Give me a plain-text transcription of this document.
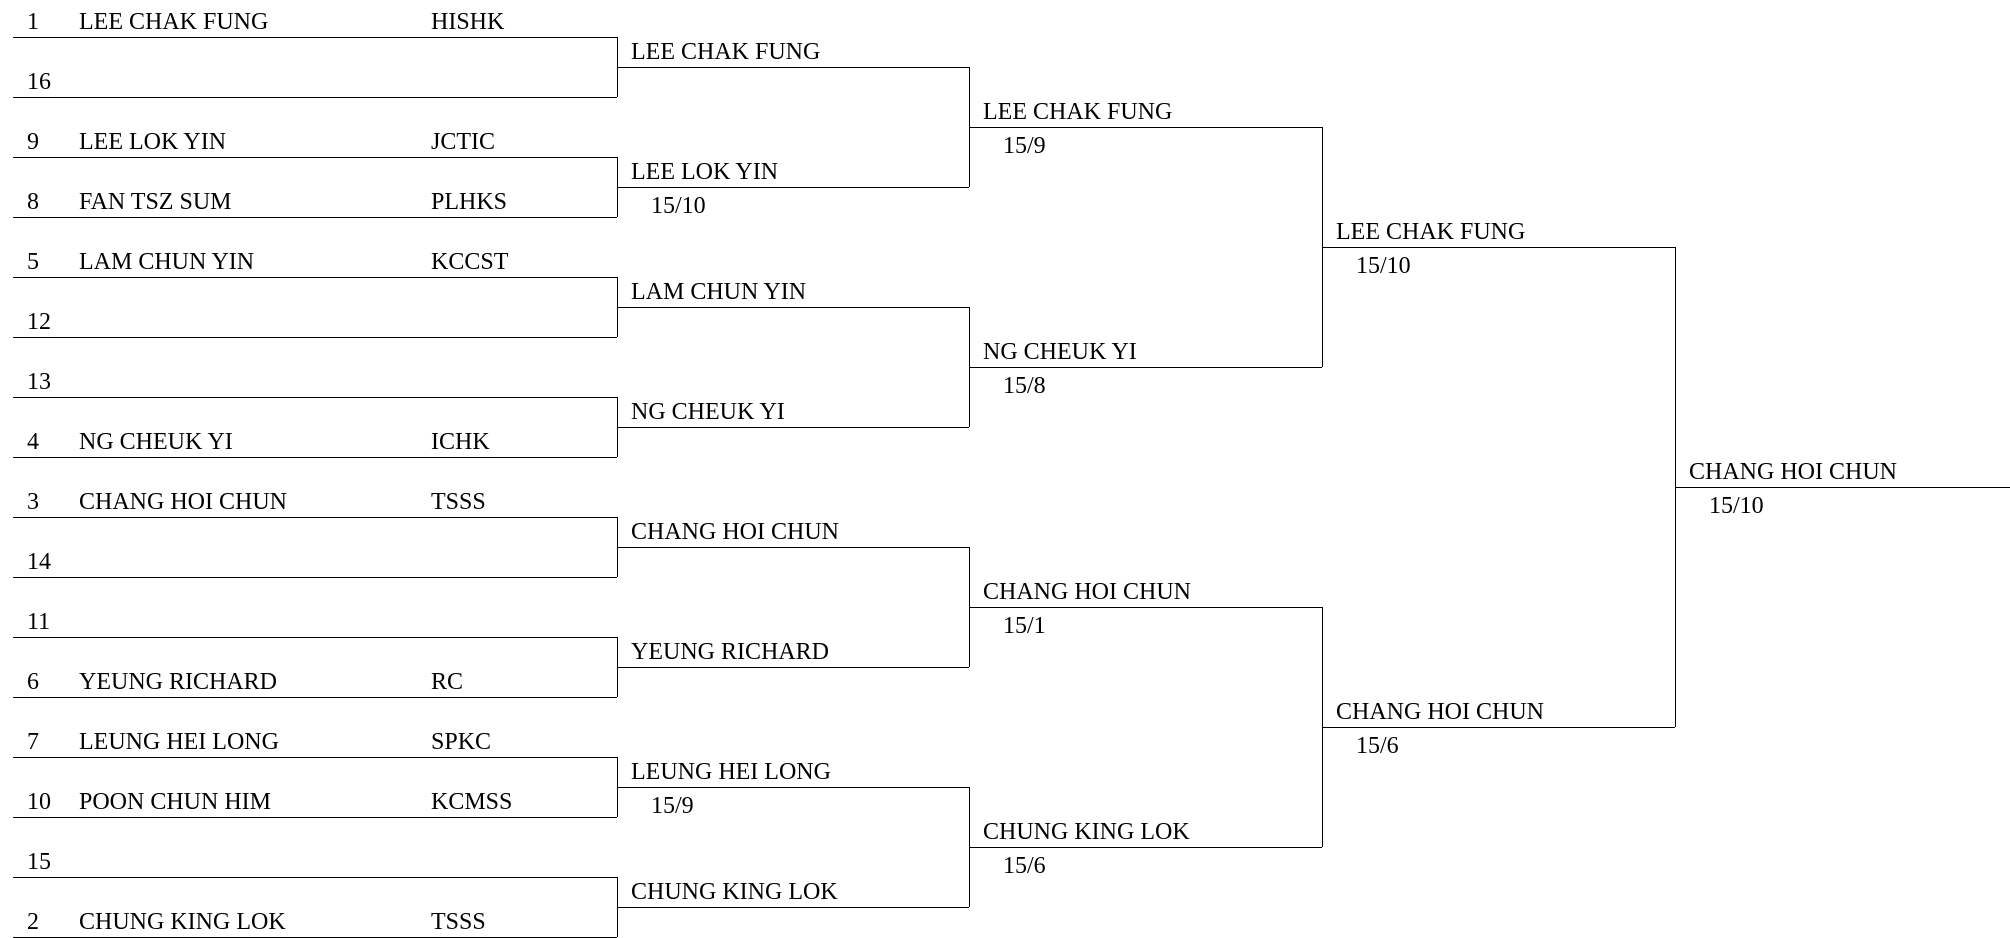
1 LEE CHAK FUNG	HISHK
16
9 LEE LOK YIN	JCTIC
8 FAN TSZ SUM	PLHKS
5 LAM CHUN YIN	KCCST
12
13
4 NG CHEUK YI	ICHK
3 CHANG HOI CHUN	TSSS
14
11
6 YEUNG RICHARD	RC
7 LEUNG HEI LONG	SPKC
10 POON CHUN HIM	KCMSS
15
2 CHUNG KING LOK	TSSS
LEE CHAK FUNG
LEE LOK YIN
15/10
LAM CHUN YIN
NG CHEUK YI
CHANG HOI CHUN
YEUNG RICHARD
LEUNG HEI LONG
15/9
CHUNG KING LOK
LEE CHAK FUNG
15/9
NG CHEUK YI
15/8
CHANG HOI CHUN
15/1
CHUNG KING LOK
15/6
LEE CHAK FUNG
15/10
CHANG HOI CHUN
15/6
CHANG HOI CHUN
15/10
